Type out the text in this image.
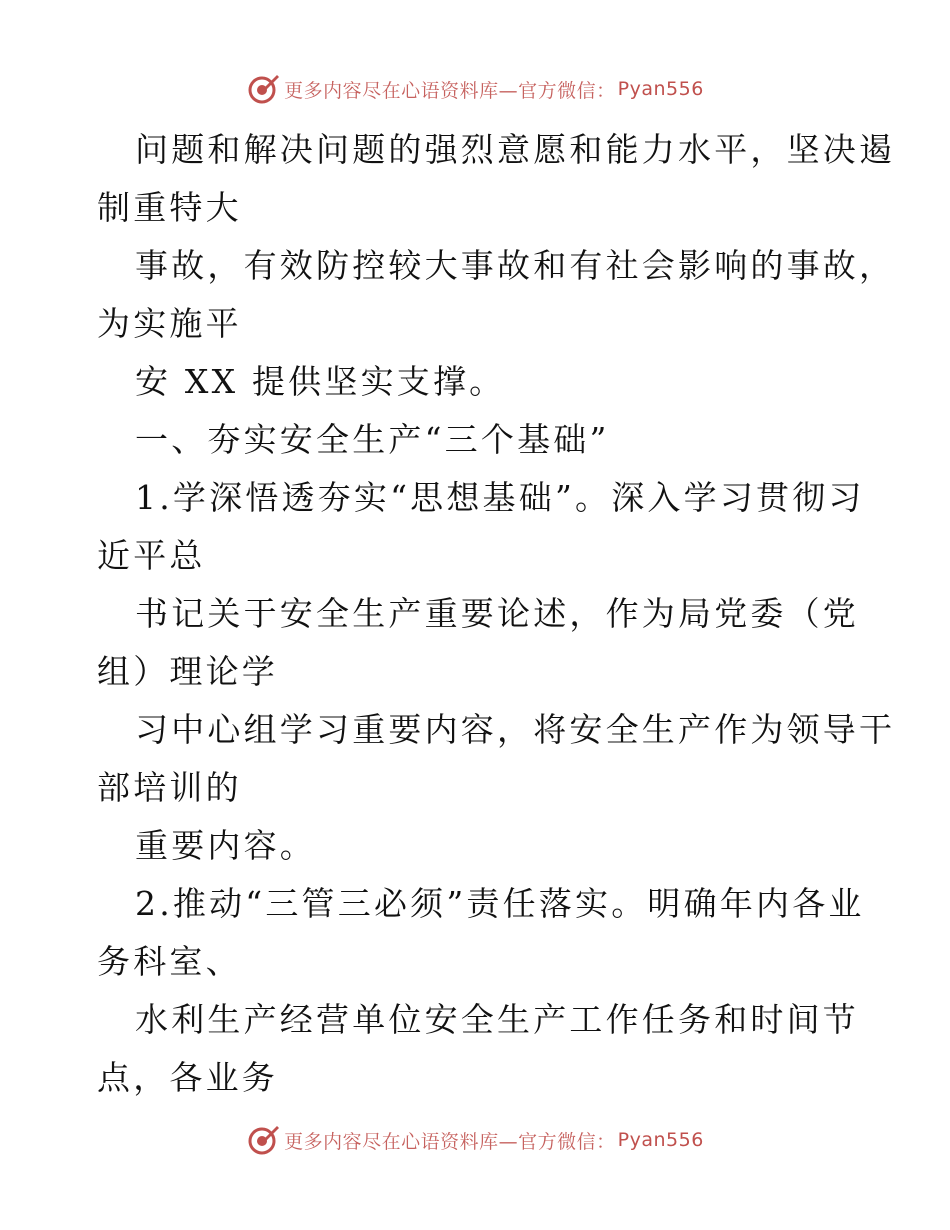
更多内容尽在心语资料库—官方微信： Pyan556
问题和解决问题的强烈意愿和能力水平，坚决遏
制重特大
事故，有效防控较大事故和有社会影响的事故，
为实施平
安 XX 提供坚实支撑。
一、夯实安全生产“三个基础”
1.学深悟透夯实“思想基础”。深入学习贯彻习
近平总
书记关于安全生产重要论述，作为局党委（党
组）理论学
习中心组学习重要内容，将安全生产作为领导干
部培训的
重要内容。
2.推动“三管三必须”责任落实。明确年内各业
务科室、
水利生产经营单位安全生产工作任务和时间节
点，各业务
更多内容尽在心语资料库—官方微信： Pyan556
